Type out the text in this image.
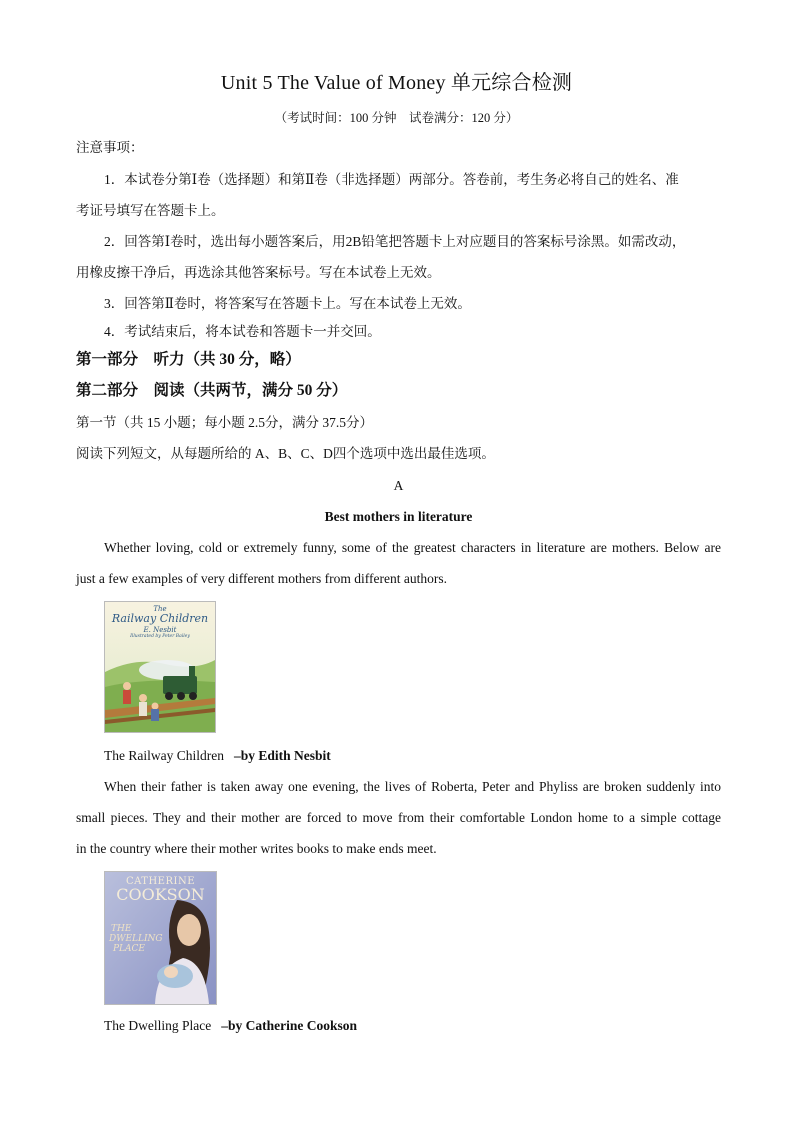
Unit 5 The Value of Money 单元综合检测
（考试时间：100 分钟　试卷满分：120 分）
注意事项：
1．本试卷分第Ⅰ卷（选择题）和第Ⅱ卷（非选择题）两部分。答卷前，考生务必将自己的姓名、准
考证号填写在答题卡上。
2．回答第Ⅰ卷时，选出每小题答案后，用2B铅笔把答题卡上对应题目的答案标号涂黑。如需改动，
用橡皮擦干净后，再选涂其他答案标号。写在本试卷上无效。
3．回答第Ⅱ卷时，将答案写在答题卡上。写在本试卷上无效。
4．考试结束后，将本试卷和答题卡一并交回。
第一部分　听力（共 30 分，略）
第二部分　阅读（共两节，满分 50 分）
第一节（共 15 小题；每小题 2.5分，满分 37.5分）
阅读下列短文，从每题所给的 A、B、C、D四个选项中选出最佳选项。
A
Best mothers in literature
Whether loving, cold or extremely funny, some of the greatest characters in literature are mothers. Below are
just a few examples of very different mothers from different authors.
The
Railway Children
E. Nesbit
Illustrated by Peter Bailey
The Railway Children –by Edith Nesbit
When their father is taken away one evening, the lives of Roberta, Peter and Phyliss are broken suddenly into
small pieces. They and their mother are forced to move from their comfortable London home to a simple cottage
in the country where their mother writes books to make ends meet.
CATHERINE
COOKSON
THE
DWELLING
PLACE
The Dwelling Place –by Catherine Cookson
